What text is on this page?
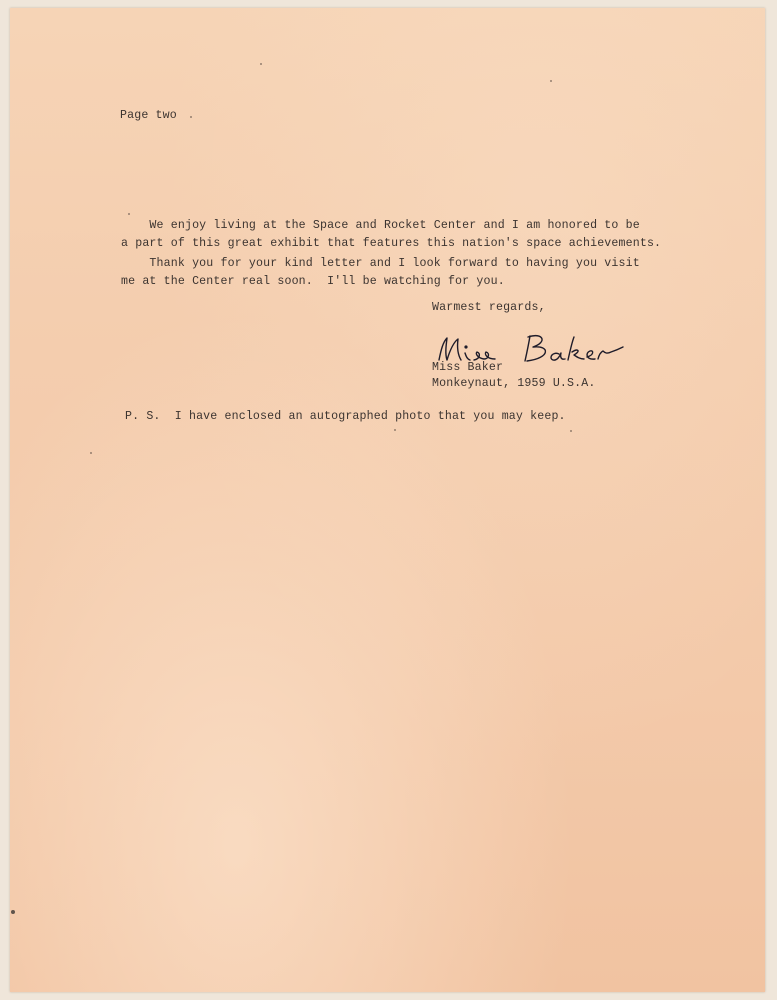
Page two
We enjoy living at the Space and Rocket Center and I am honored to be
a part of this great exhibit that features this nation's space achievements.
Thank you for your kind letter and I look forward to having you visit
me at the Center real soon.  I'll be watching for you.
Warmest regards,
Miss Baker
Monkeynaut, 1959 U.S.A.
P. S.  I have enclosed an autographed photo that you may keep.
